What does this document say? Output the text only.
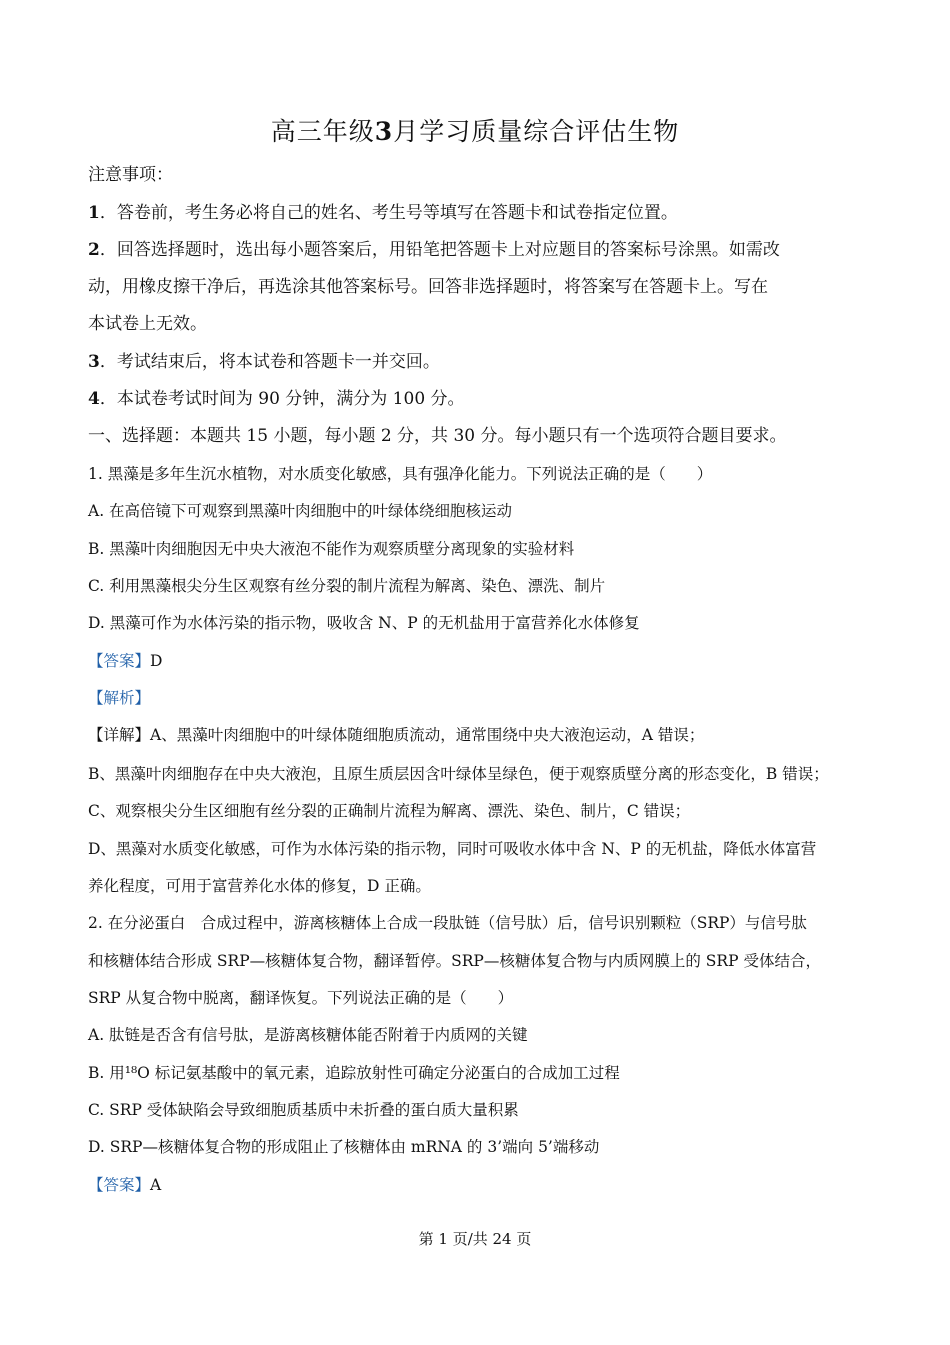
高三年级3月学习质量综合评估生物
注意事项：
1．答卷前，考生务必将自己的姓名、考生号等填写在答题卡和试卷指定位置。
2．回答选择题时，选出每小题答案后，用铅笔把答题卡上对应题目的答案标号涂黑。如需改
动，用橡皮擦干净后，再选涂其他答案标号。回答非选择题时，将答案写在答题卡上。写在
本试卷上无效。
3．考试结束后，将本试卷和答题卡一并交回。
4．本试卷考试时间为 90 分钟，满分为 100 分。
一、选择题：本题共 15 小题，每小题 2 分，共 30 分。每小题只有一个选项符合题目要求。
1. 黑藻是多年生沉水植物，对水质变化敏感，具有强净化能力。下列说法正确的是（　　）
A. 在高倍镜下可观察到黑藻叶肉细胞中的叶绿体绕细胞核运动
B. 黑藻叶肉细胞因无中央大液泡不能作为观察质壁分离现象的实验材料
C. 利用黑藻根尖分生区观察有丝分裂的制片流程为解离、染色、漂洗、制片
D. 黑藻可作为水体污染的指示物，吸收含 N、P 的无机盐用于富营养化水体修复
【答案】D
【解析】
【详解】A、黑藻叶肉细胞中的叶绿体随细胞质流动，通常围绕中央大液泡运动，A 错误；
B、黑藻叶肉细胞存在中央大液泡，且原生质层因含叶绿体呈绿色，便于观察质壁分离的形态变化，B 错误；
C、观察根尖分生区细胞有丝分裂的正确制片流程为解离、漂洗、染色、制片，C 错误；
D、黑藻对水质变化敏感，可作为水体污染的指示物，同时可吸收水体中含 N、P 的无机盐，降低水体富营
养化程度，可用于富营养化水体的修复，D 正确。
2. 在分泌蛋白　合成过程中，游离核糖体上合成一段肽链（信号肽）后，信号识别颗粒（SRP）与信号肽
和核糖体结合形成 SRP—核糖体复合物，翻译暂停。SRP—核糖体复合物与内质网膜上的 SRP 受体结合，
SRP 从复合物中脱离，翻译恢复。下列说法正确的是（　　）
A. 肽链是否含有信号肽，是游离核糖体能否附着于内质网的关键
B. 用¹⁸O 标记氨基酸中的氧元素，追踪放射性可确定分泌蛋白的合成加工过程
C. SRP 受体缺陷会导致细胞质基质中未折叠的蛋白质大量积累
D. SRP—核糖体复合物的形成阻止了核糖体由 mRNA 的 3’端向 5’端移动
【答案】A
第 1 页/共 24 页
